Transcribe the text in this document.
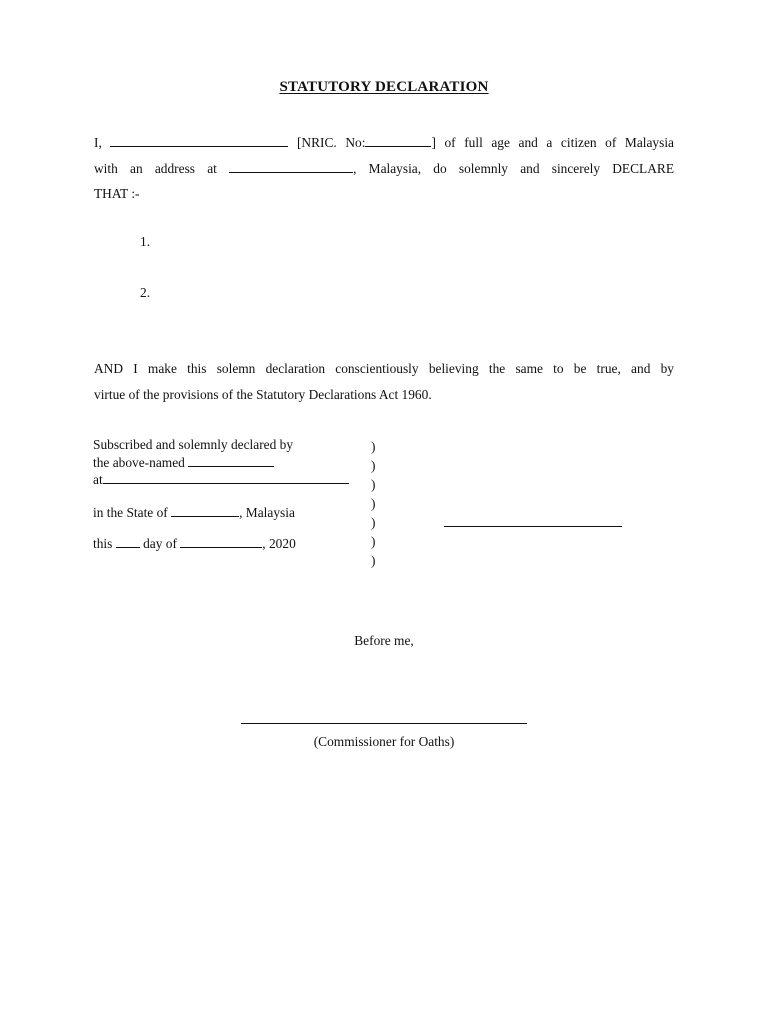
STATUTORY DECLARATION
I,	[NRIC. No:	] of full age and a citizen of Malaysia
with an address at	, Malaysia, do solemnly and sincerely DECLARE
THAT :-
1.
2.
AND I make this solemn declaration conscientiously believing the same to be true, and by
virtue of the provisions of the Statutory Declarations Act 1960.
Subscribed and solemnly declared by
the above-named
at
in the State of	, Malaysia
this day of	, 2020
)
)
)
)
)
)
)
Before me,
(Commissioner for Oaths)
